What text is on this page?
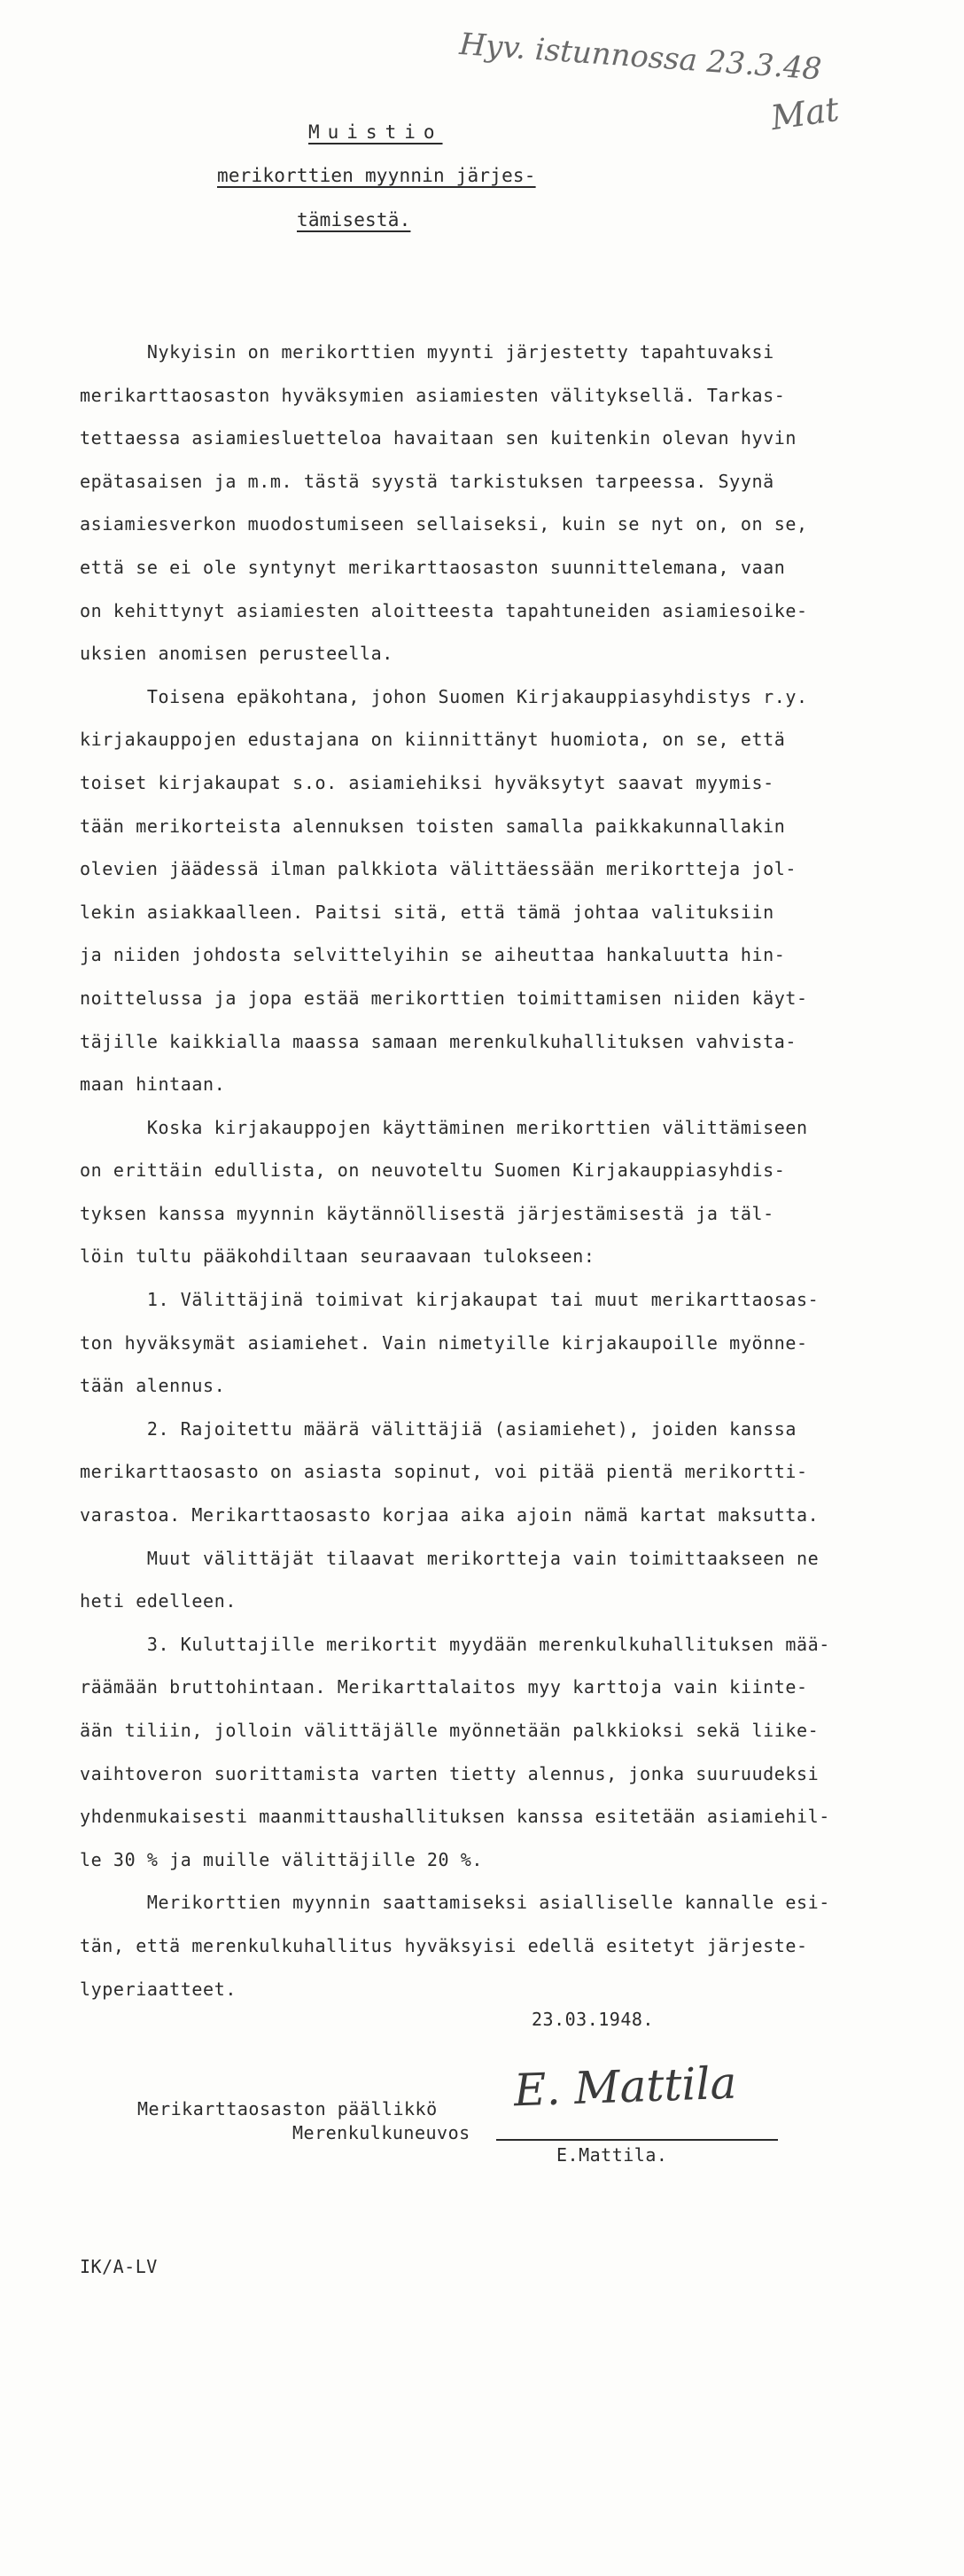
Hyv. istunnossa 23.3.48
Mat
Muistio
merikorttien myynnin järjes-
tämisestä.
Nykyisin on merikorttien myynti järjestetty tapahtuvaksi
merikarttaosaston hyväksymien asiamiesten välityksellä. Tarkas-
tettaessa asiamiesluetteloa havaitaan sen kuitenkin olevan hyvin
epätasaisen ja m.m. tästä syystä tarkistuksen tarpeessa. Syynä
asiamiesverkon muodostumiseen sellaiseksi, kuin se nyt on, on se,
että se ei ole syntynyt merikarttaosaston suunnittelemana, vaan
on kehittynyt asiamiesten aloitteesta tapahtuneiden asiamiesoike-
uksien anomisen perusteella.
Toisena epäkohtana, johon Suomen Kirjakauppiasyhdistys r.y.
kirjakauppojen edustajana on kiinnittänyt huomiota, on se, että
toiset kirjakaupat s.o. asiamiehiksi hyväksytyt saavat myymis-
tään merikorteista alennuksen toisten samalla paikkakunnallakin
olevien jäädessä ilman palkkiota välittäessään merikortteja jol-
lekin asiakkaalleen. Paitsi sitä, että tämä johtaa valituksiin
ja niiden johdosta selvittelyihin se aiheuttaa hankaluutta hin-
noittelussa ja jopa estää merikorttien toimittamisen niiden käyt-
täjille kaikkialla maassa samaan merenkulkuhallituksen vahvista-
maan hintaan.
Koska kirjakauppojen käyttäminen merikorttien välittämiseen
on erittäin edullista, on neuvoteltu Suomen Kirjakauppiasyhdis-
tyksen kanssa myynnin käytännöllisestä järjestämisestä ja täl-
löin tultu pääkohdiltaan seuraavaan tulokseen:
1. Välittäjinä toimivat kirjakaupat tai muut merikarttaosas-
ton hyväksymät asiamiehet. Vain nimetyille kirjakaupoille myönne-
tään alennus.
2. Rajoitettu määrä välittäjiä (asiamiehet), joiden kanssa
merikarttaosasto on asiasta sopinut, voi pitää pientä merikortti-
varastoa. Merikarttaosasto korjaa aika ajoin nämä kartat maksutta.
Muut välittäjät tilaavat merikortteja vain toimittaakseen ne
heti edelleen.
3. Kuluttajille merikortit myydään merenkulkuhallituksen mää-
räämään bruttohintaan. Merikarttalaitos myy karttoja vain kiinte-
ään tiliin, jolloin välittäjälle myönnetään palkkioksi sekä liike-
vaihtoveron suorittamista varten tietty alennus, jonka suuruudeksi
yhdenmukaisesti maanmittaushallituksen kanssa esitetään asiamiehil-
le 30 % ja muille välittäjille 20 %.
Merikorttien myynnin saattamiseksi asialliselle kannalle esi-
tän, että merenkulkuhallitus hyväksyisi edellä esitetyt järjeste-
lyperiaatteet.
23.03.1948.
Merikarttaosaston päällikkö
Merenkulkuneuvos
E. Mattila
E.Mattila.
IK/A-LV
